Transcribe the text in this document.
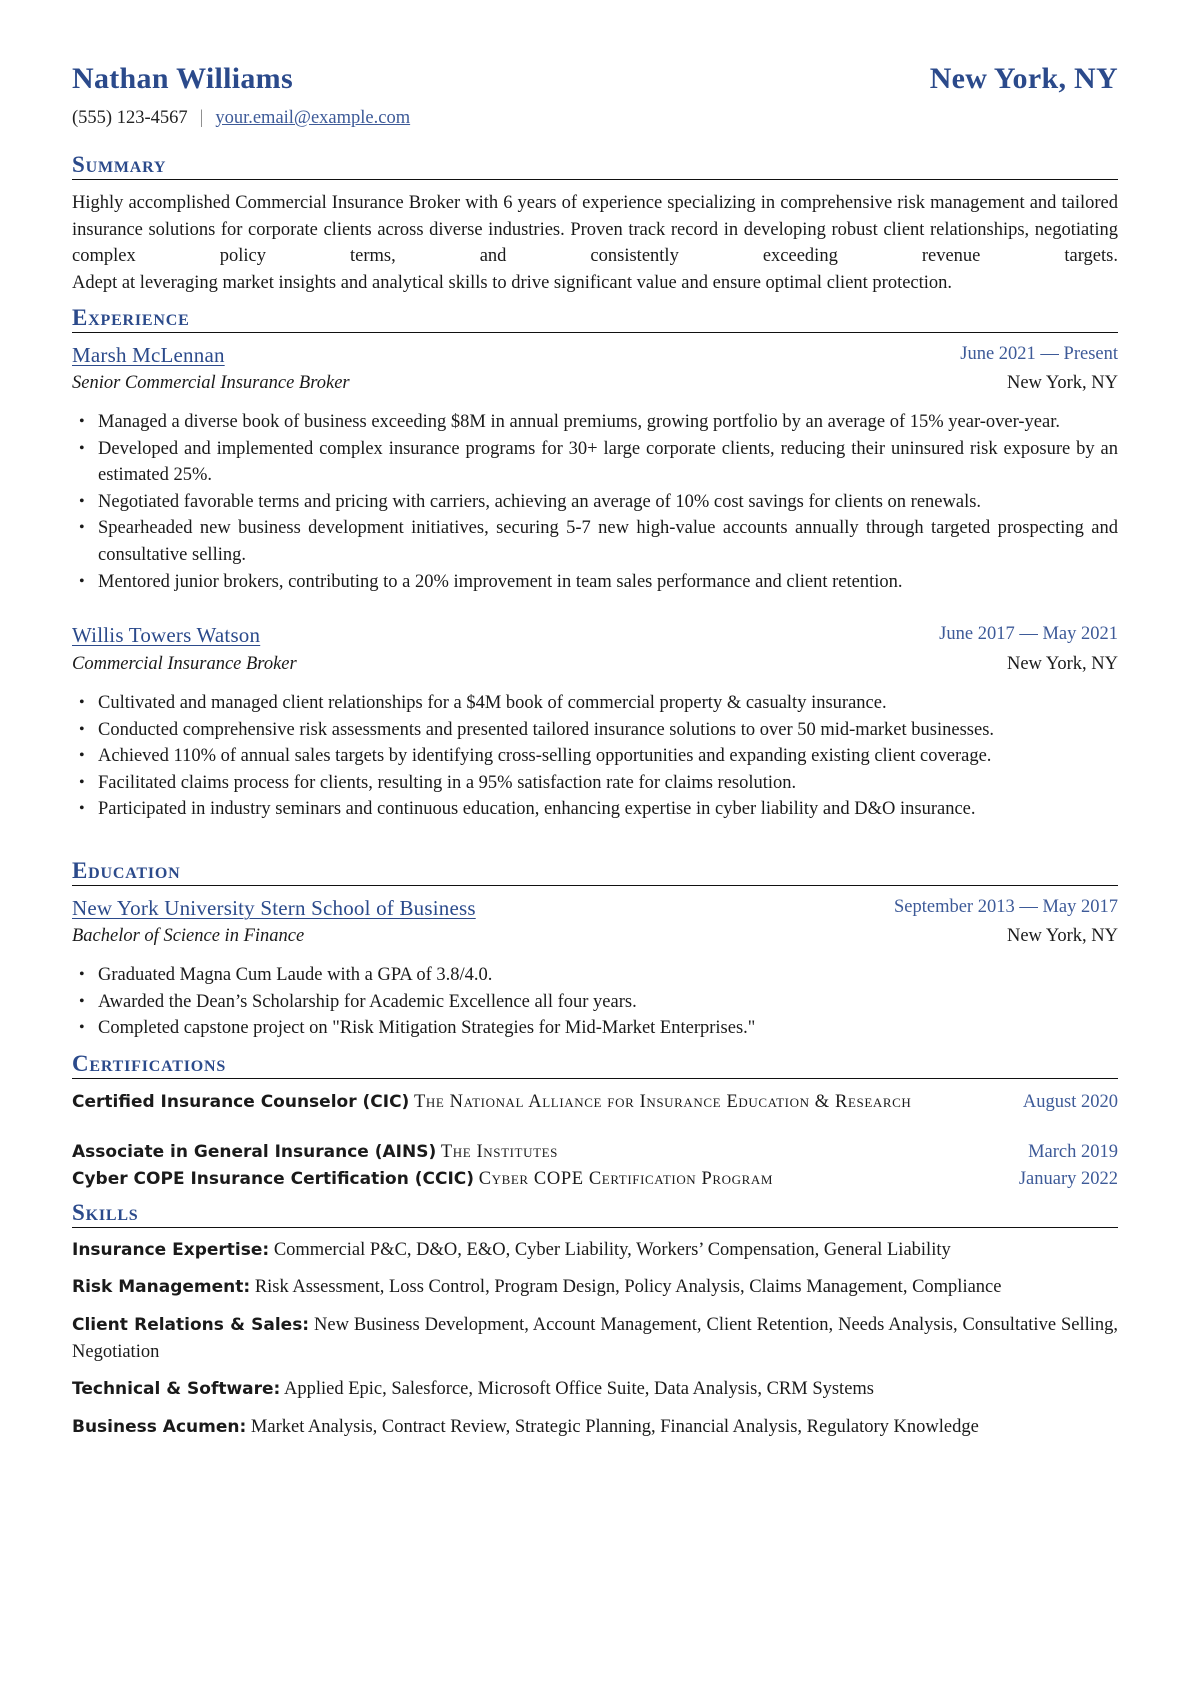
Nathan Williams	New York, NY
(555) 123-4567 | your.email@example.com
Summary
Highly accomplished Commercial Insurance Broker with 6 years of experience specializing in comprehensive risk management and tailored insurance solutions for corporate clients across diverse industries. Proven track record in developing robust client relationships, negotiating complex policy terms, and consistently exceeding revenue targets.
Adept at leveraging market insights and analytical skills to drive significant value and ensure optimal client protection.
Experience
Marsh McLennan	June 2021 — Present
Senior Commercial Insurance Broker	New York, NY
• Managed a diverse book of business exceeding $8M in annual premiums, growing portfolio by an average of 15% year-over-year.
• Developed and implemented complex insurance programs for 30+ large corporate clients, reducing their uninsured risk exposure by an estimated 25%.
• Negotiated favorable terms and pricing with carriers, achieving an average of 10% cost savings for clients on renewals.
• Spearheaded new business development initiatives, securing 5-7 new high-value accounts annually through targeted prospecting and consultative selling.
• Mentored junior brokers, contributing to a 20% improvement in team sales performance and client retention.
Willis Towers Watson	June 2017 — May 2021
Commercial Insurance Broker	New York, NY
• Cultivated and managed client relationships for a $4M book of commercial property & casualty insurance.
• Conducted comprehensive risk assessments and presented tailored insurance solutions to over 50 mid-market businesses.
• Achieved 110% of annual sales targets by identifying cross-selling opportunities and expanding existing client coverage.
• Facilitated claims process for clients, resulting in a 95% satisfaction rate for claims resolution.
• Participated in industry seminars and continuous education, enhancing expertise in cyber liability and D&O insurance.
Education
New York University Stern School of Business	September 2013 — May 2017
Bachelor of Science in Finance	New York, NY
• Graduated Magna Cum Laude with a GPA of 3.8/4.0.
• Awarded the Dean’s Scholarship for Academic Excellence all four years.
• Completed capstone project on "Risk Mitigation Strategies for Mid-Market Enterprises."
Certifications
Certified Insurance Counselor (CIC) The National Alliance for Insurance Education & Research	August 2020
Associate in General Insurance (AINS) The Institutes	March 2019
Cyber COPE Insurance Certification (CCIC) Cyber COPE Certification Program	January 2022
Skills
Insurance Expertise: Commercial P&C, D&O, E&O, Cyber Liability, Workers’ Compensation, General Liability
Risk Management: Risk Assessment, Loss Control, Program Design, Policy Analysis, Claims Management, Compliance
Client Relations & Sales: New Business Development, Account Management, Client Retention, Needs Analysis, Consultative Selling, Negotiation
Technical & Software: Applied Epic, Salesforce, Microsoft Office Suite, Data Analysis, CRM Systems
Business Acumen: Market Analysis, Contract Review, Strategic Planning, Financial Analysis, Regulatory Knowledge
